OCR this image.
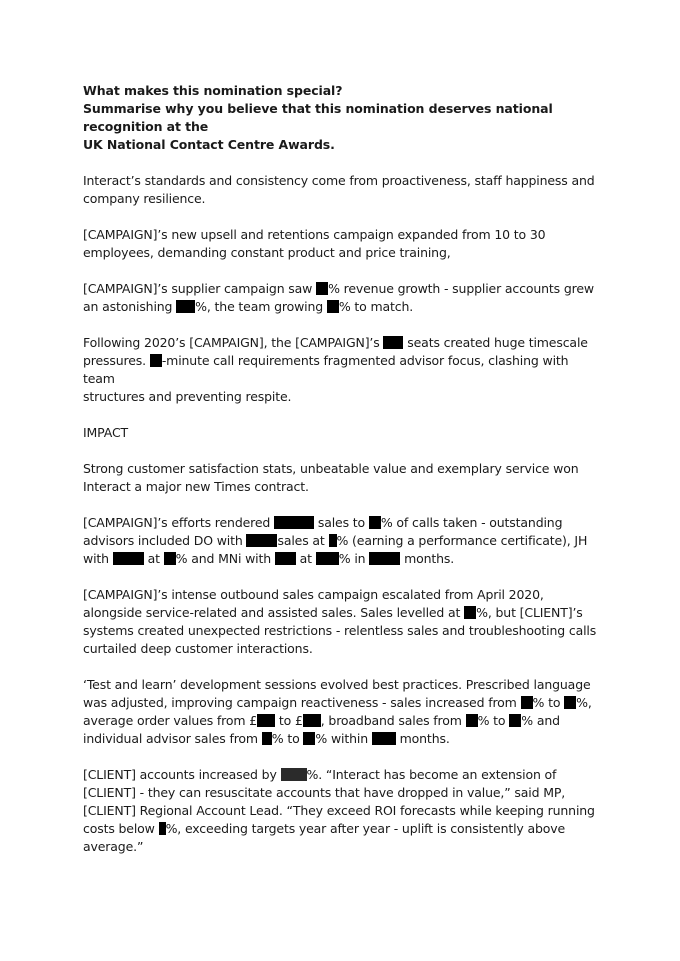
What makes this nomination special?

Summarise why you believe that this nomination deserves national recognition at the

UK National Contact Centre Awards.

Interact’s standards and consistency come from proactiveness, staff happiness and

company resilience.

[CAMPAIGN]’s new upsell and retentions campaign expanded from 10 to 30

employees, demanding constant product and price training,

[CAMPAIGN]’s supplier campaign saw % revenue growth - supplier accounts grew

an astonishing %, the team growing % to match.

Following 2020’s [CAMPAIGN], the [CAMPAIGN]’s seats created huge timescale

pressures. -minute call requirements fragmented advisor focus, clashing with team

structures and preventing respite.

IMPACT

Strong customer satisfaction stats, unbeatable value and exemplary service won

Interact a major new Times contract.

[CAMPAIGN]’s efforts rendered	sales to % of calls taken - outstanding

advisors included DO with	sales at % (earning a performance certificate), JH

with	at % and MNi with at % in	months.

[CAMPAIGN]’s intense outbound sales campaign escalated from April 2020,

alongside service-related and assisted sales. Sales levelled at %, but [CLIENT]’s

systems created unexpected restrictions - relentless sales and troubleshooting calls

curtailed deep customer interactions.

‘Test and learn’ development sessions evolved best practices. Prescribed language

was adjusted, improving campaign reactiveness - sales increased from % to %,

average order values from £ to £ , broadband sales from % to % and

individual advisor sales from % to % within	months.

[CLIENT] accounts increased by %. “Interact has become an extension of

[CLIENT] - they can resuscitate accounts that have dropped in value,” said MP,

[CLIENT] Regional Account Lead. “They exceed ROI forecasts while keeping running

costs below %, exceeding targets year after year - uplift is consistently above

average.”
